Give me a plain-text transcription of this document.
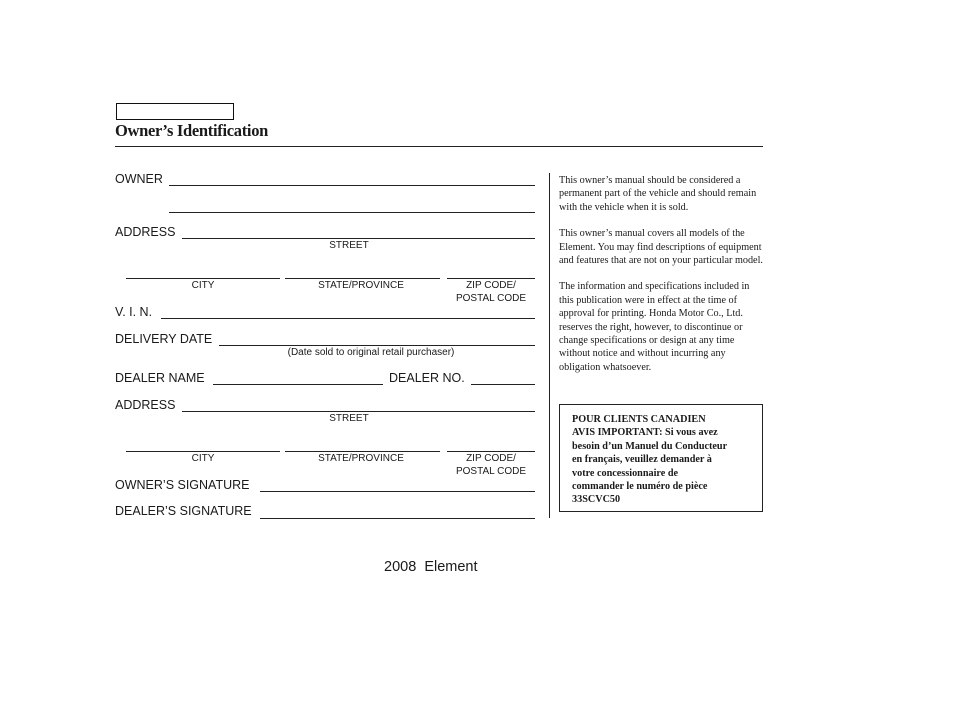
Owner’s Identification
OWNER
ADDRESS
STREET
CITY	STATE/PROVINCE	ZIP CODE/
POSTAL CODE
V. I. N.
DELIVERY DATE
(Date sold to original retail purchaser)
DEALER NAME	DEALER NO.
ADDRESS
STREET
CITY	STATE/PROVINCE	ZIP CODE/
POSTAL CODE
OWNER’S SIGNATURE
DEALER’S SIGNATURE

This owner’s manual should be considered a permanent part of the vehicle and should remain with the vehicle when it is sold.

This owner’s manual covers all models of the Element. You may find descriptions of equipment and features that are not on your particular model.

The information and specifications included in this publication were in effect at the time of approval for printing. Honda Motor Co., Ltd. reserves the right, however, to discontinue or change specifications or design at any time without notice and without incurring any obligation whatsoever.

POUR CLIENTS CANADIEN
AVIS IMPORTANT: Si vous avez
besoin d’un Manuel du Conducteur
en français, veuillez demander à
votre concessionnaire de
commander le numéro de pièce
33SCVC50
2008  Element
